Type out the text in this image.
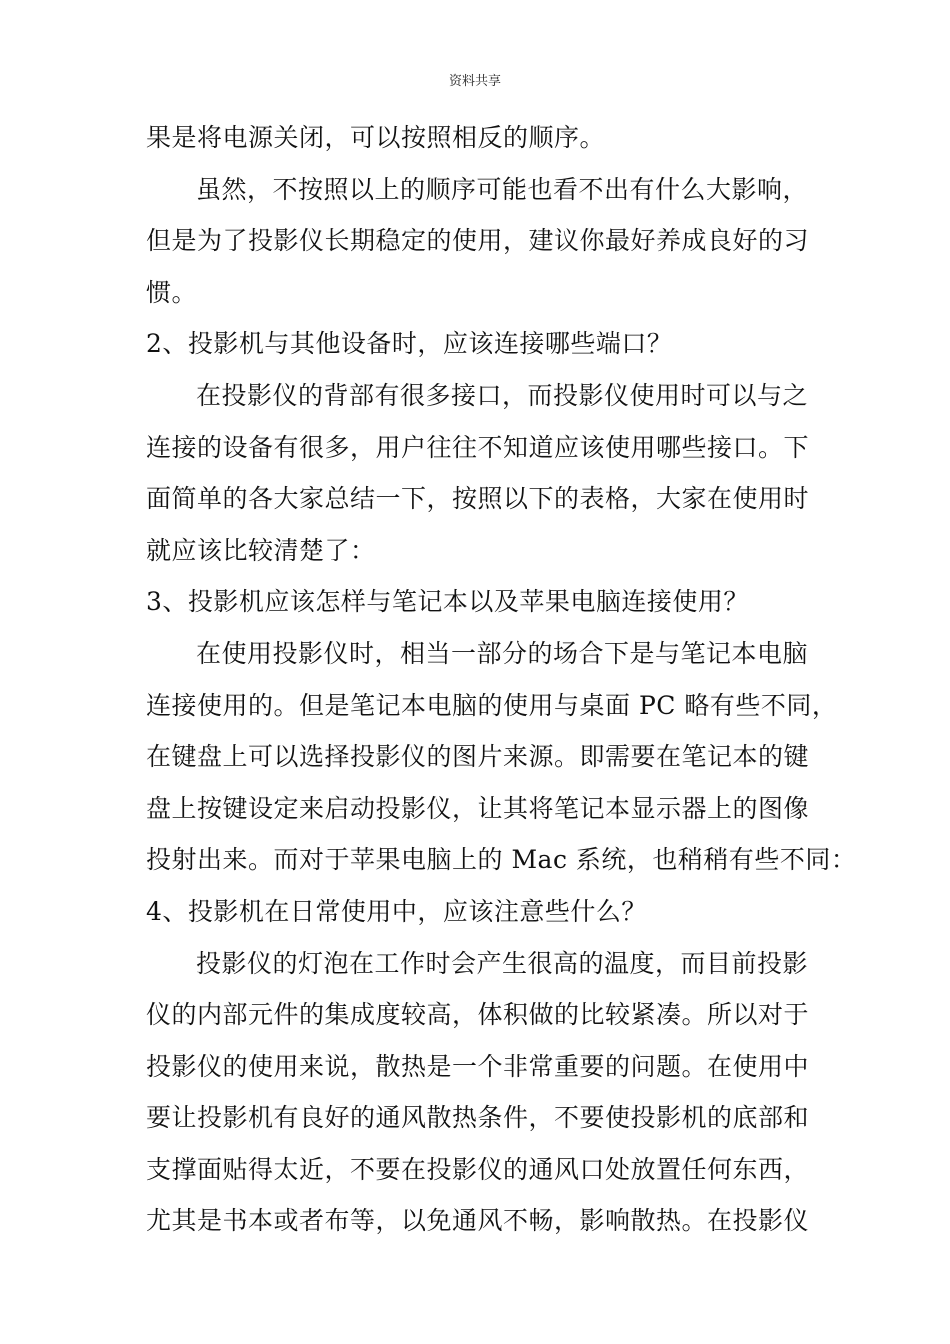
资料共享
果是将电源关闭，可以按照相反的顺序。
虽然，不按照以上的顺序可能也看不出有什么大影响，
但是为了投影仪长期稳定的使用，建议你最好养成良好的习
惯。
2、投影机与其他设备时，应该连接哪些端口？
在投影仪的背部有很多接口，而投影仪使用时可以与之
连接的设备有很多，用户往往不知道应该使用哪些接口。下
面简单的各大家总结一下，按照以下的表格，大家在使用时
就应该比较清楚了：
3、投影机应该怎样与笔记本以及苹果电脑连接使用？
在使用投影仪时，相当一部分的场合下是与笔记本电脑
连接使用的。但是笔记本电脑的使用与桌面 PC 略有些不同，
在键盘上可以选择投影仪的图片来源。即需要在笔记本的键
盘上按键设定来启动投影仪，让其将笔记本显示器上的图像
投射出来。而对于苹果电脑上的 Mac 系统，也稍稍有些不同：
4、投影机在日常使用中，应该注意些什么？
投影仪的灯泡在工作时会产生很高的温度，而目前投影
仪的内部元件的集成度较高，体积做的比较紧凑。所以对于
投影仪的使用来说，散热是一个非常重要的问题。在使用中
要让投影机有良好的通风散热条件，不要使投影机的底部和
支撑面贴得太近，不要在投影仪的通风口处放置任何东西，
尤其是书本或者布等，以免通风不畅，影响散热。在投影仪
